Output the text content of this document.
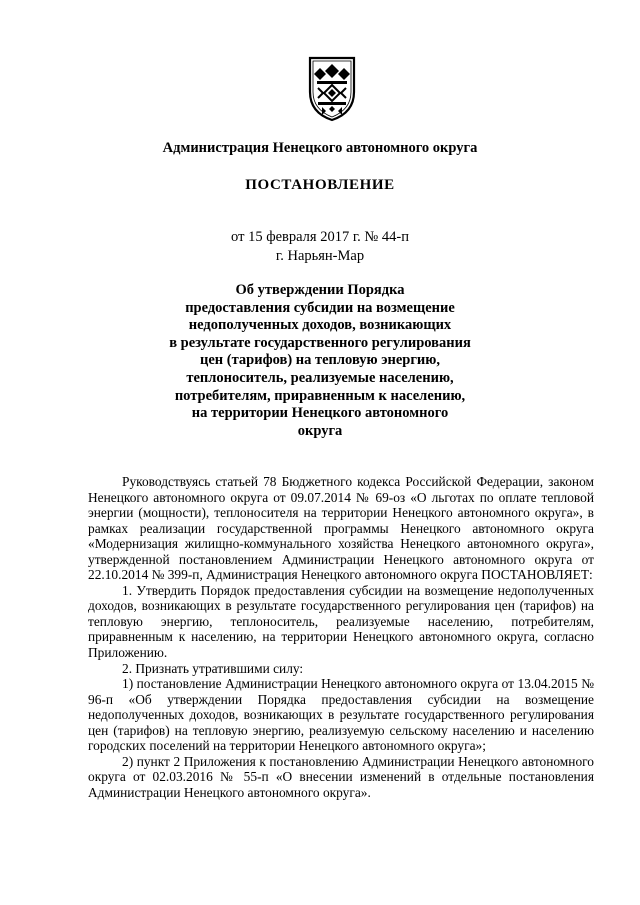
Администрация Ненецкого автономного округа
ПОСТАНОВЛЕНИЕ
от 15 февраля 2017 г. № 44-п
г. Нарьян-Мар
Об утверждении Порядка
предоставления субсидии на возмещение
недополученных доходов, возникающих
в результате государственного регулирования
цен (тарифов) на тепловую энергию,
теплоноситель, реализуемые населению,
потребителям, приравненным к населению,
на территории Ненецкого автономного
округа

Руководствуясь статьей 78 Бюджетного кодекса Российской Федерации, законом Ненецкого автономного округа от 09.07.2014 № 69-оз «О льготах по оплате тепловой энергии (мощности), теплоносителя на территории Ненецкого автономного округа», в рамках реализации государственной программы Ненецкого автономного округа «Модернизация жилищно-коммунального хозяйства Ненецкого автономного округа», утвержденной постановлением Администрации Ненецкого автономного округа от 22.10.2014 № 399-п, Администрация Ненецкого автономного округа ПОСТАНОВЛЯЕТ:

1. Утвердить Порядок предоставления субсидии на возмещение недополученных доходов, возникающих в результате государственного регулирования цен (тарифов) на тепловую энергию, теплоноситель, реализуемые населению, потребителям, приравненным к населению, на территории Ненецкого автономного округа, согласно Приложению.

2. Признать утратившими силу:

1) постановление Администрации Ненецкого автономного округа от 13.04.2015 № 96-п «Об утверждении Порядка предоставления субсидии на возмещение недополученных доходов, возникающих в результате государственного регулирования цен (тарифов) на тепловую энергию, реализуемую сельскому населению и населению городских поселений на территории Ненецкого автономного округа»;

2) пункт 2 Приложения к постановлению Администрации Ненецкого автономного округа от 02.03.2016 № 55-п «О внесении изменений в отдельные постановления Администрации Ненецкого автономного округа».
